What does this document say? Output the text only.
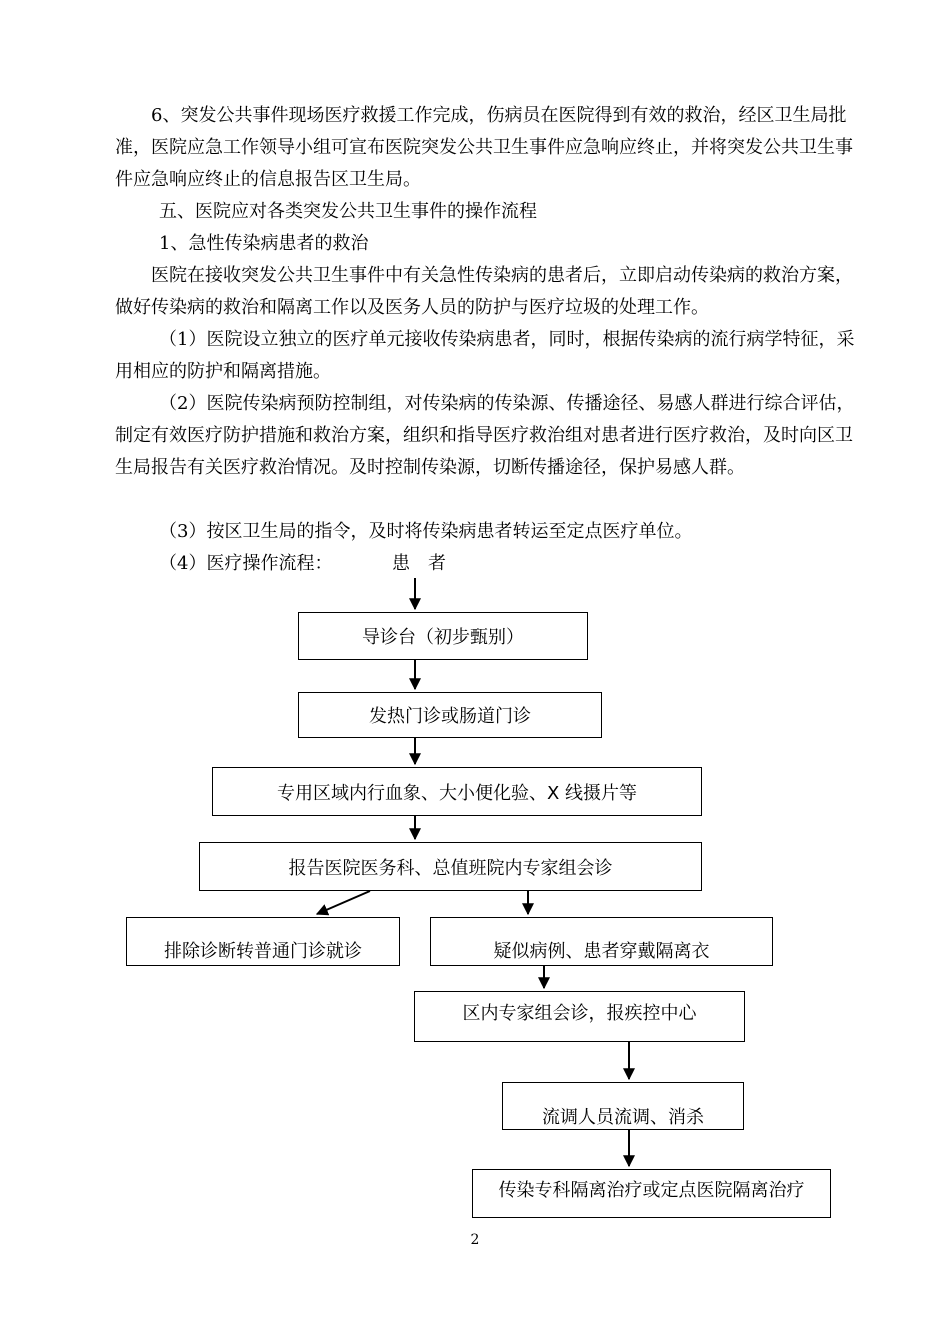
6、突发公共事件现场医疗救援工作完成，伤病员在医院得到有效的救治，经区卫生局批准，医院应急工作领导小组可宣布医院突发公共卫生事件应急响应终止，并将突发公共卫生事件应急响应终止的信息报告区卫生局。

五、医院应对各类突发公共卫生事件的操作流程

1、急性传染病患者的救治

医院在接收突发公共卫生事件中有关急性传染病的患者后，立即启动传染病的救治方案，做好传染病的救治和隔离工作以及医务人员的防护与医疗垃圾的处理工作。

（1）医院设立独立的医疗单元接收传染病患者，同时，根据传染病的流行病学特征，采用相应的防护和隔离措施。

（2）医院传染病预防控制组，对传染病的传染源、传播途径、易感人群进行综合评估，制定有效医疗防护措施和救治方案，组织和指导医疗救治组对患者进行医疗救治，及时向区卫生局报告有关医疗救治情况。及时控制传染源，切断传播途径，保护易感人群。

（3）按区卫生局的指令，及时将传染病患者转运至定点医疗单位。

（4）医疗操作流程：	患　者
导诊台（初步甄别）
发热门诊或肠道门诊
专用区域内行血象、大小便化验、X 线摄片等
报告医院医务科、总值班院内专家组会诊
排除诊断转普通门诊就诊	疑似病例、患者穿戴隔离衣
区内专家组会诊，报疾控中心
流调人员流调、消杀
传染专科隔离治疗或定点医院隔离治疗
2
